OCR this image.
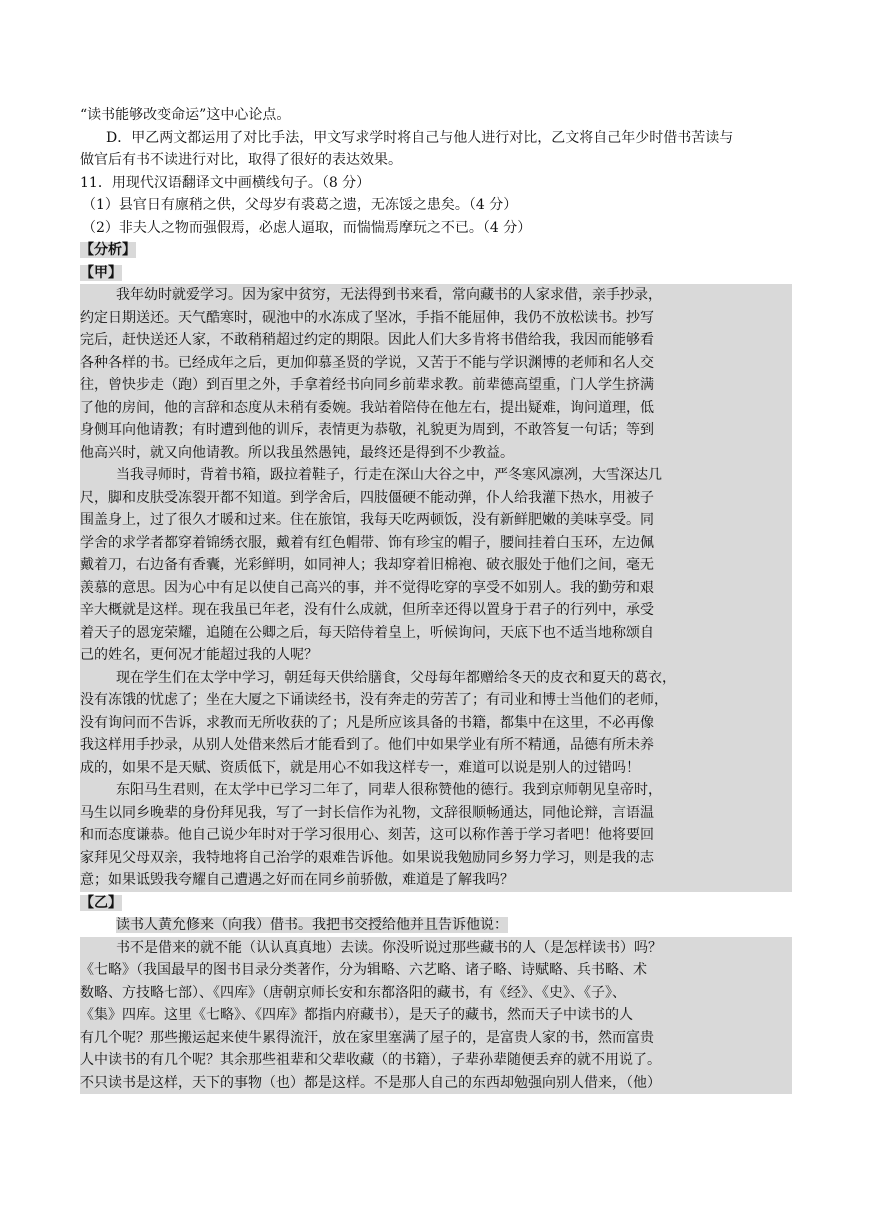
“读书能够改变命运”这中心论点。
D．甲乙两文都运用了对比手法，甲文写求学时将自己与他人进行对比，乙文将自己年少时借书苦读与
做官后有书不读进行对比，取得了很好的表达效果。
11．用现代汉语翻译文中画横线句子。（8 分）
（1）县官日有廪稍之供，父母岁有裘葛之遗，无冻馁之患矣。（4 分）
（2）非夫人之物而强假焉，必虑人逼取，而惴惴焉摩玩之不已。（4 分）
【分析】
【甲】
我年幼时就爱学习。因为家中贫穷，无法得到书来看，常向藏书的人家求借，亲手抄录，
约定日期送还。天气酷寒时，砚池中的水冻成了坚冰，手指不能屈伸，我仍不放松读书。抄写
完后，赶快送还人家，不敢稍稍超过约定的期限。因此人们大多肯将书借给我，我因而能够看
各种各样的书。已经成年之后，更加仰慕圣贤的学说，又苦于不能与学识渊博的老师和名人交
往，曾快步走（跑）到百里之外，手拿着经书向同乡前辈求教。前辈德高望重，门人学生挤满
了他的房间，他的言辞和态度从未稍有委婉。我站着陪侍在他左右，提出疑难，询问道理，低
身侧耳向他请教；有时遭到他的训斥，表情更为恭敬，礼貌更为周到，不敢答复一句话；等到
他高兴时，就又向他请教。所以我虽然愚钝，最终还是得到不少教益。
当我寻师时，背着书箱，趿拉着鞋子，行走在深山大谷之中，严冬寒风凛冽，大雪深达几
尺，脚和皮肤受冻裂开都不知道。到学舍后，四肢僵硬不能动弹，仆人给我灌下热水，用被子
围盖身上，过了很久才暖和过来。住在旅馆，我每天吃两顿饭，没有新鲜肥嫩的美味享受。同
学舍的求学者都穿着锦绣衣服，戴着有红色帽带、饰有珍宝的帽子，腰间挂着白玉环，左边佩
戴着刀，右边备有香囊，光彩鲜明，如同神人；我却穿着旧棉袍、破衣服处于他们之间，毫无
羡慕的意思。因为心中有足以使自己高兴的事，并不觉得吃穿的享受不如别人。我的勤劳和艰
辛大概就是这样。现在我虽已年老，没有什么成就，但所幸还得以置身于君子的行列中，承受
着天子的恩宠荣耀，追随在公卿之后，每天陪侍着皇上，听候询问，天底下也不适当地称颂自
己的姓名，更何况才能超过我的人呢？
现在学生们在太学中学习，朝廷每天供给膳食，父母每年都赠给冬天的皮衣和夏天的葛衣，
没有冻饿的忧虑了；坐在大厦之下诵读经书，没有奔走的劳苦了；有司业和博士当他们的老师，
没有询问而不告诉，求教而无所收获的了；凡是所应该具备的书籍，都集中在这里，不必再像
我这样用手抄录，从别人处借来然后才能看到了。他们中如果学业有所不精通，品德有所未养
成的，如果不是天赋、资质低下，就是用心不如我这样专一，难道可以说是别人的过错吗！
东阳马生君则，在太学中已学习二年了，同辈人很称赞他的德行。我到京师朝见皇帝时，
马生以同乡晚辈的身份拜见我，写了一封长信作为礼物，文辞很顺畅通达，同他论辩，言语温
和而态度谦恭。他自己说少年时对于学习很用心、刻苦，这可以称作善于学习者吧！他将要回
家拜见父母双亲，我特地将自己治学的艰难告诉他。如果说我勉励同乡努力学习，则是我的志
意；如果诋毁我夸耀自己遭遇之好而在同乡前骄傲，难道是了解我吗？
【乙】
读书人黄允修来（向我）借书。我把书交授给他并且告诉他说：
书不是借来的就不能（认认真真地）去读。你没听说过那些藏书的人（是怎样读书）吗？
《七略》（我国最早的图书目录分类著作，分为辑略、六艺略、诸子略、诗赋略、兵书略、术
数略、方技略七部）、《四库》（唐朝京师长安和东都洛阳的藏书，有《经》、《史》、《子》、
《集》四库。这里《七略》、《四库》都指内府藏书），是天子的藏书，然而天子中读书的人
有几个呢？那些搬运起来使牛累得流汗，放在家里塞满了屋子的，是富贵人家的书，然而富贵
人中读书的有几个呢？其余那些祖辈和父辈收藏（的书籍），子辈孙辈随便丢弃的就不用说了。
不只读书是这样，天下的事物（也）都是这样。不是那人自己的东西却勉强向别人借来，（他）
